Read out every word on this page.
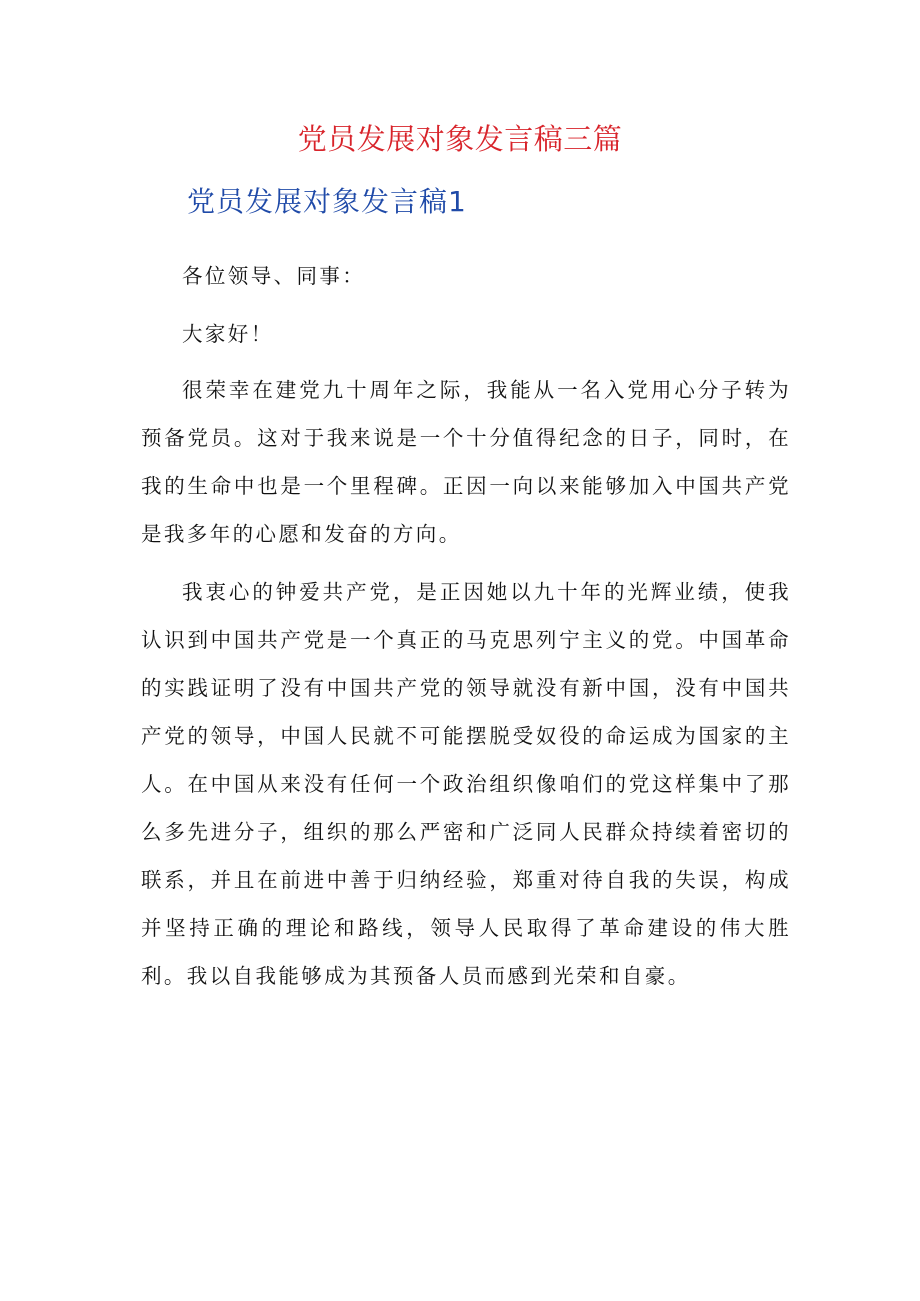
党员发展对象发言稿三篇
党员发展对象发言稿1

各位领导、同事：

大家好！

很荣幸在建党九十周年之际，我能从一名入党用心分子转为预备党员。这对于我来说是一个十分值得纪念的日子，同时，在我的生命中也是一个里程碑。正因一向以来能够加入中国共产党是我多年的心愿和发奋的方向。

我衷心的钟爱共产党，是正因她以九十年的光辉业绩，使我认识到中国共产党是一个真正的马克思列宁主义的党。中国革命的实践证明了没有中国共产党的领导就没有新中国，没有中国共产党的领导，中国人民就不可能摆脱受奴役的命运成为国家的主人。在中国从来没有任何一个政治组织像咱们的党这样集中了那么多先进分子，组织的那么严密和广泛同人民群众持续着密切的联系，并且在前进中善于归纳经验，郑重对待自我的失误，构成并坚持正确的理论和路线，领导人民取得了革命建设的伟大胜利。我以自我能够成为其预备人员而感到光荣和自豪。
